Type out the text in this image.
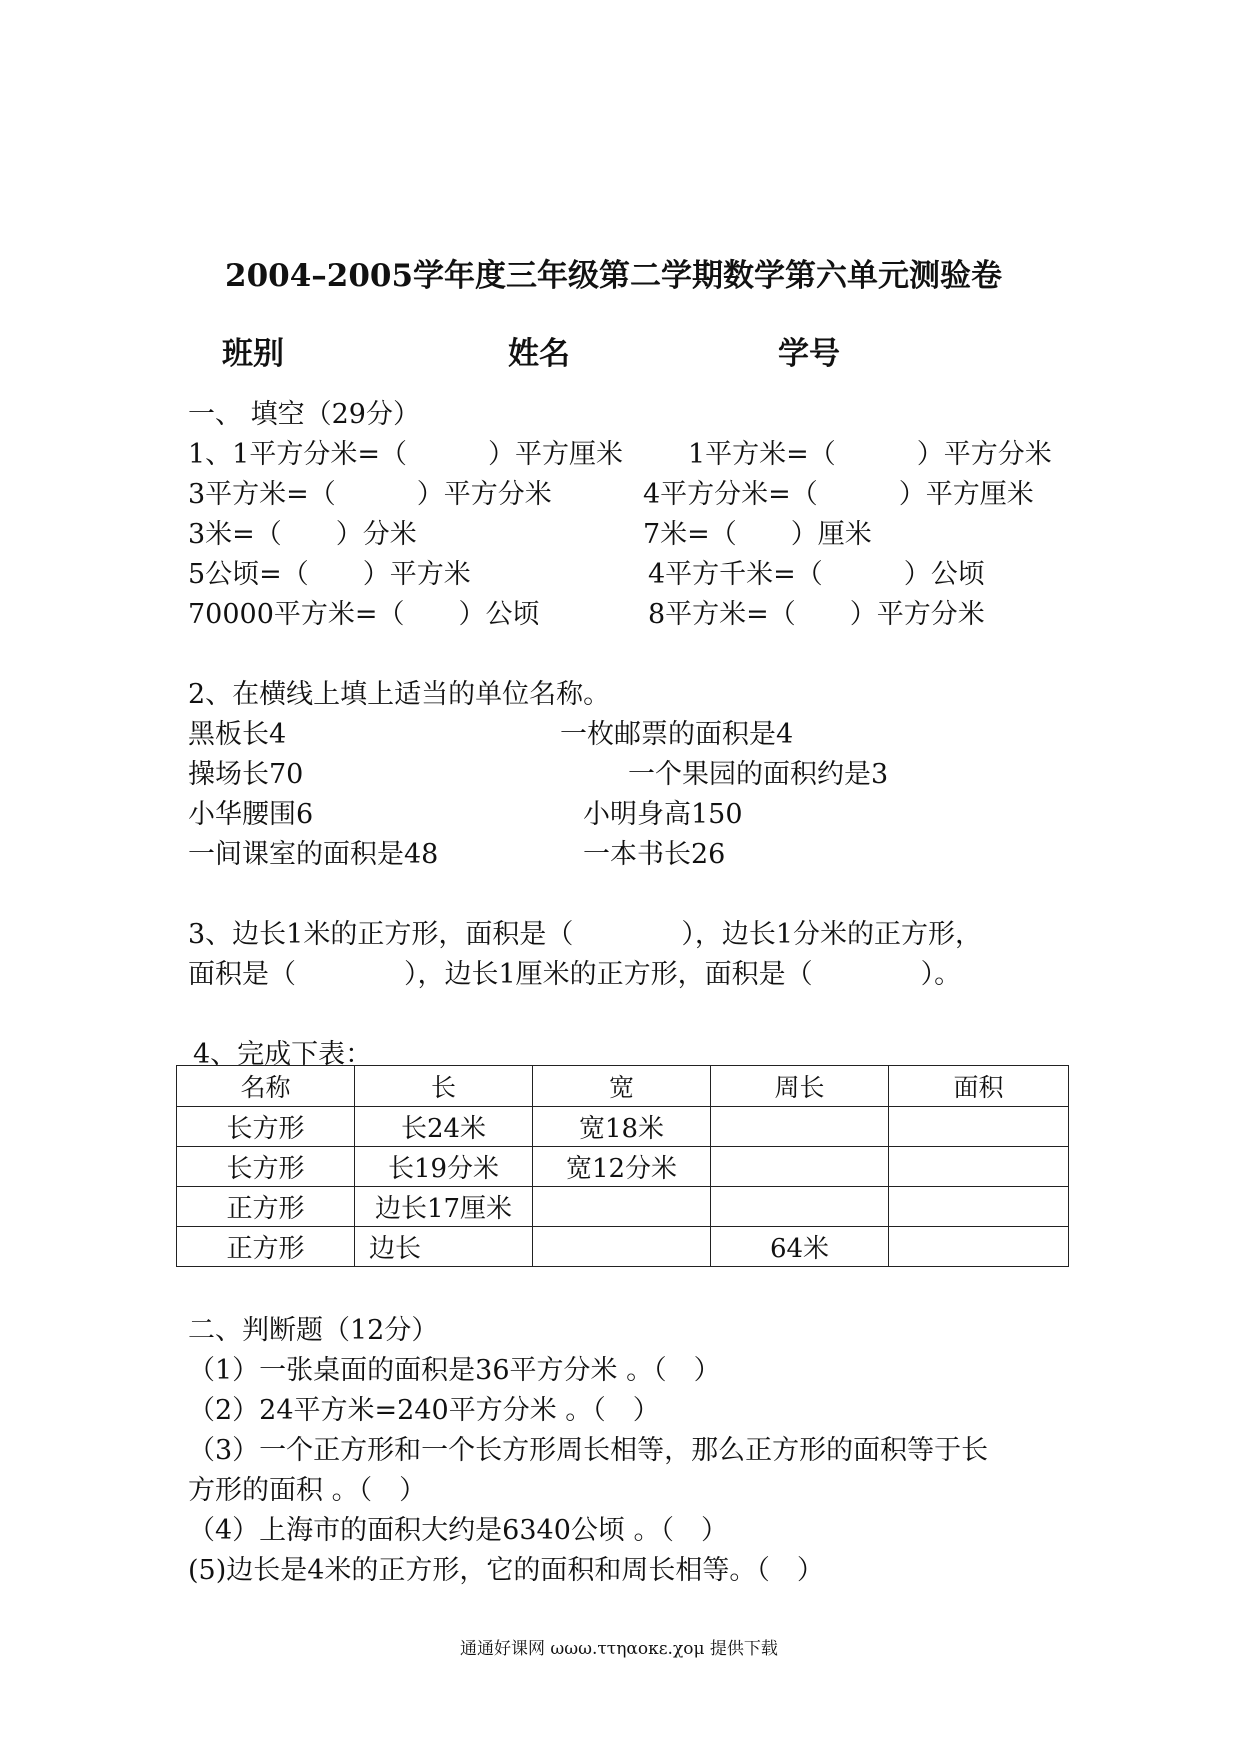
2004–2005学年度三年级第二学期数学第六单元测验卷
班别	姓名	学号
一、 填空（29分）
1、1平方分米=（　　　）平方厘米 1平方米=（　　　）平方分米
3平方米=（　　　）平方分米	4平方分米=（　　　）平方厘米
3米=（　　）分米	7米=（　　）厘米
5公顷=（　　）平方米	4平方千米=（　　　）公顷
70000平方米=（　　）公顷	8平方米=（　　）平方分米
2、在横线上填上适当的单位名称。
黑板长4	一枚邮票的面积是4
操场长70	一个果园的面积约是3
小华腰围6	小明身高150
一间课室的面积是48	一本书长26
3、边长1米的正方形，面积是（　　　　），边长1分米的正方形，
面积是（　　　　），边长1厘米的正方形，面积是（　　　　）。
4、完成下表：
名称	长	宽	周长	面积
长方形	长24米	宽18米		
长方形	长19分米	宽12分米		
正方形	边长17厘米			
正方形	边长		64米	
二、判断题（12分）
（1）一张桌面的面积是36平方分米 。（　）
（2）24平方米=240平方分米 。（　）
（3）一个正方形和一个长方形周长相等，那么正方形的面积等于长
方形的面积 。（　）
（4）上海市的面积大约是6340公顷 。（　）
(5)边长是4米的正方形，它的面积和周长相等。（　）
通通好课网 ωωω.ττηαοκε.χομ 提供下载
